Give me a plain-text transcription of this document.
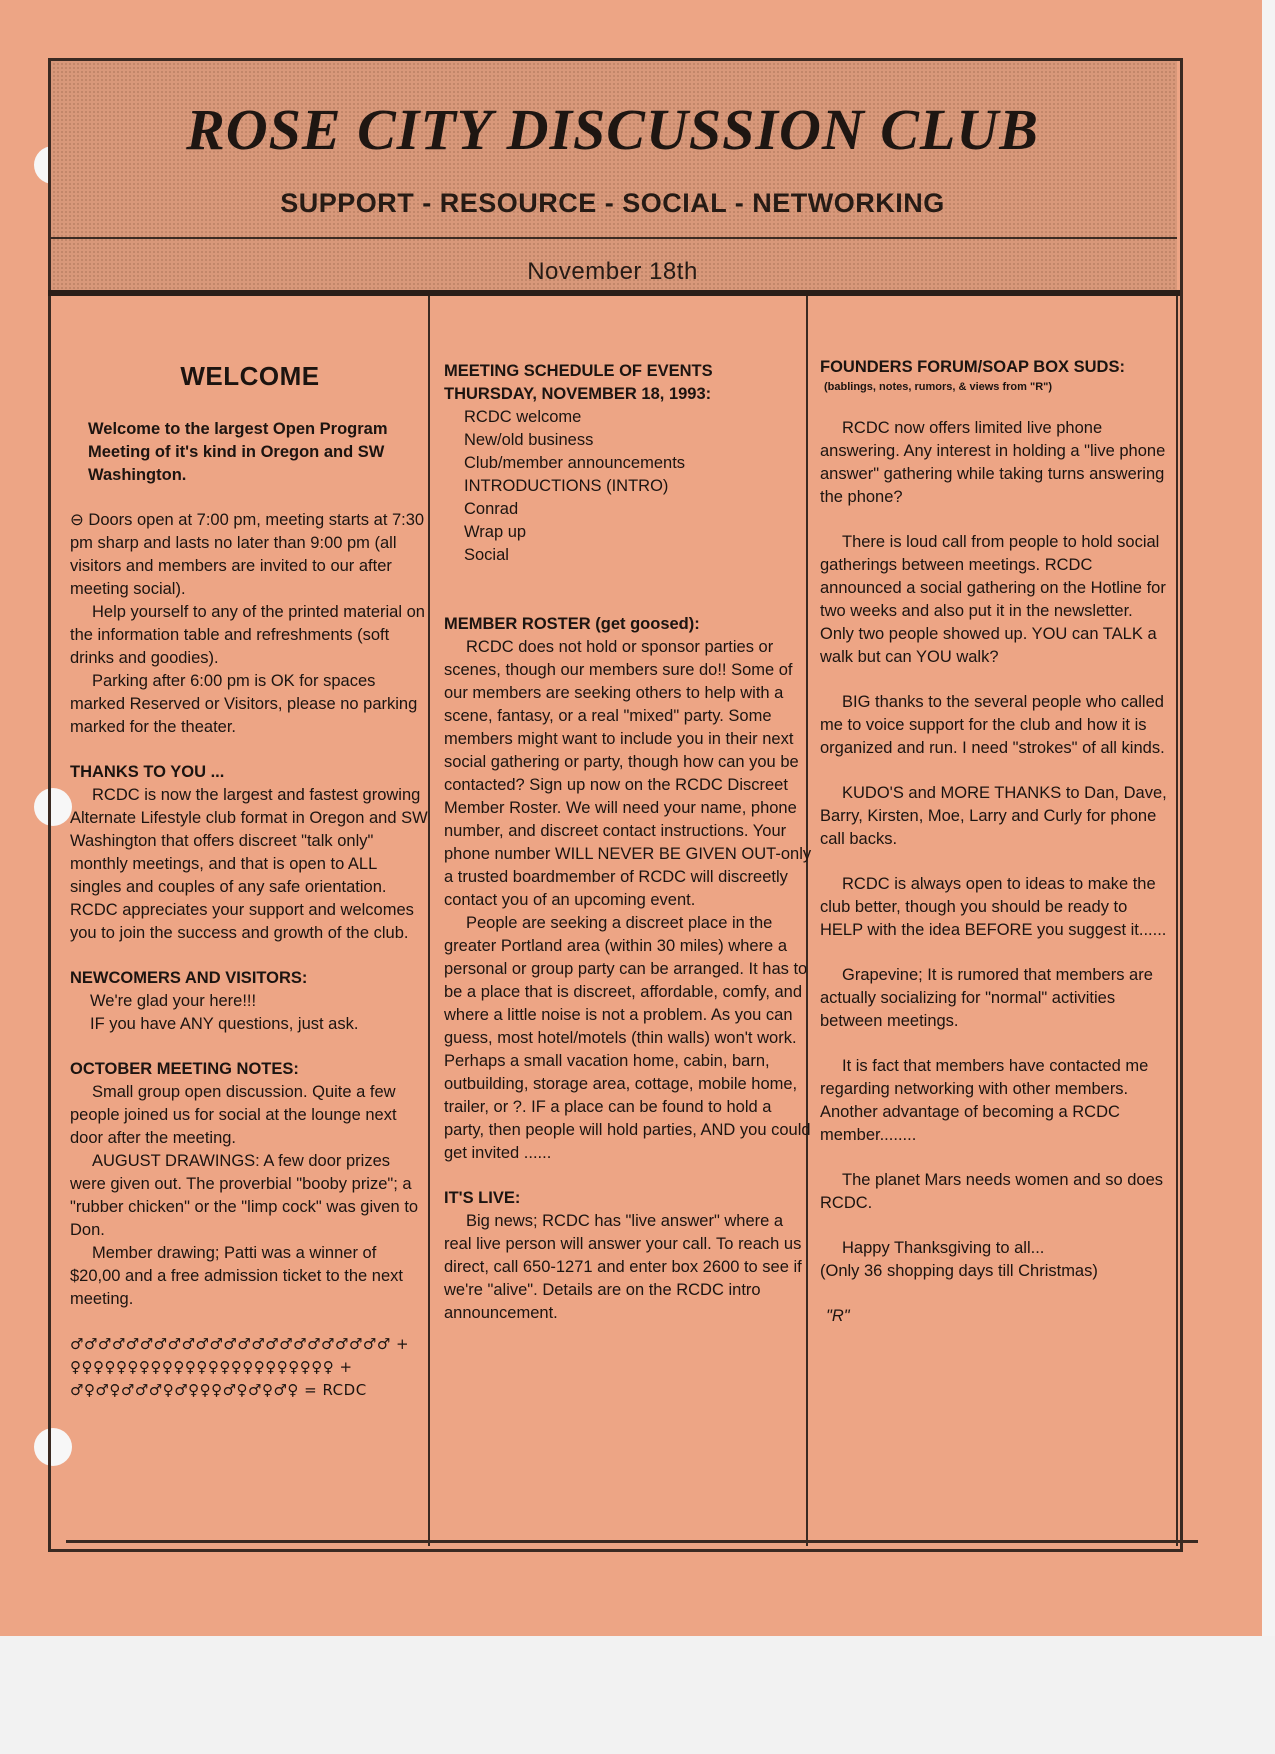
ROSE CITY DISCUSSION CLUB
SUPPORT - RESOURCE - SOCIAL - NETWORKING
November 18th

WELCOME

Welcome to the largest Open Program Meeting of it's kind in Oregon and SW Washington.

⊖ Doors open at 7:00 pm, meeting starts at 7:30 pm sharp and lasts no later than 9:00 pm (all visitors and members are invited to our after meeting social).

Help yourself to any of the printed material on the information table and refreshments (soft drinks and goodies).

Parking after 6:00 pm is OK for spaces marked Reserved or Visitors, please no parking marked for the theater.

THANKS TO YOU ...

RCDC is now the largest and fastest growing Alternate Lifestyle club format in Oregon and SW Washington that offers discreet "talk only" monthly meetings, and that is open to ALL singles and couples of any safe orientation. RCDC appreciates your support and welcomes you to join the success and growth of the club.

NEWCOMERS AND VISITORS:

We're glad your here!!!

IF you have ANY questions, just ask.

OCTOBER MEETING NOTES:

Small group open discussion. Quite a few people joined us for social at the lounge next door after the meeting.

AUGUST DRAWINGS: A few door prizes were given out. The proverbial "booby prize"; a "rubber chicken" or the "limp cock" was given to Don.

Member drawing; Patti was a winner of $20,00 and a free admission ticket to the next meeting.

♂♂♂♂♂♂♂♂♂♂♂♂♂♂♂♂♂♂♂♂♂♂♂ +

♀♀♀♀♀♀♀♀♀♀♀♀♀♀♀♀♀♀♀♀♀♀♀ +

♂♀♂♀♂♂♂♀♂♀♀♀♂♀♂♀♂♀ = RCDC

MEETING SCHEDULE OF EVENTS

THURSDAY, NOVEMBER 18, 1993:

RCDC welcome

New/old business

Club/member announcements

INTRODUCTIONS (INTRO)

Conrad

Wrap up

Social

MEMBER ROSTER (get goosed):

RCDC does not hold or sponsor parties or scenes, though our members sure do!! Some of our members are seeking others to help with a scene, fantasy, or a real "mixed" party. Some members might want to include you in their next social gathering or party, though how can you be contacted? Sign up now on the RCDC Discreet Member Roster. We will need your name, phone number, and discreet contact instructions. Your phone number WILL NEVER BE GIVEN OUT-only a trusted boardmember of RCDC will discreetly contact you of an upcoming event.

People are seeking a discreet place in the greater Portland area (within 30 miles) where a personal or group party can be arranged. It has to be a place that is discreet, affordable, comfy, and where a little noise is not a problem. As you can guess, most hotel/motels (thin walls) won't work. Perhaps a small vacation home, cabin, barn, outbuilding, storage area, cottage, mobile home, trailer, or ?. IF a place can be found to hold a party, then people will hold parties, AND you could get invited ......

IT'S LIVE:

Big news; RCDC has "live answer" where a real live person will answer your call. To reach us direct, call 650-1271 and enter box 2600 to see if we're "alive". Details are on the RCDC intro announcement.

FOUNDERS FORUM/SOAP BOX SUDS:

(bablings, notes, rumors, & views from "R")

RCDC now offers limited live phone answering. Any interest in holding a "live phone answer" gathering while taking turns answering the phone?

There is loud call from people to hold social gatherings between meetings. RCDC announced a social gathering on the Hotline for two weeks and also put it in the newsletter. Only two people showed up. YOU can TALK a walk but can YOU walk?

BIG thanks to the several people who called me to voice support for the club and how it is organized and run. I need "strokes" of all kinds.

KUDO'S and MORE THANKS to Dan, Dave, Barry, Kirsten, Moe, Larry and Curly for phone call backs.

RCDC is always open to ideas to make the club better, though you should be ready to HELP with the idea BEFORE you suggest it......

Grapevine; It is rumored that members are actually socializing for "normal" activities between meetings.

It is fact that members have contacted me regarding networking with other members. Another advantage of becoming a RCDC member........

The planet Mars needs women and so does RCDC.

Happy Thanksgiving to all...

(Only 36 shopping days till Christmas)

"R"
